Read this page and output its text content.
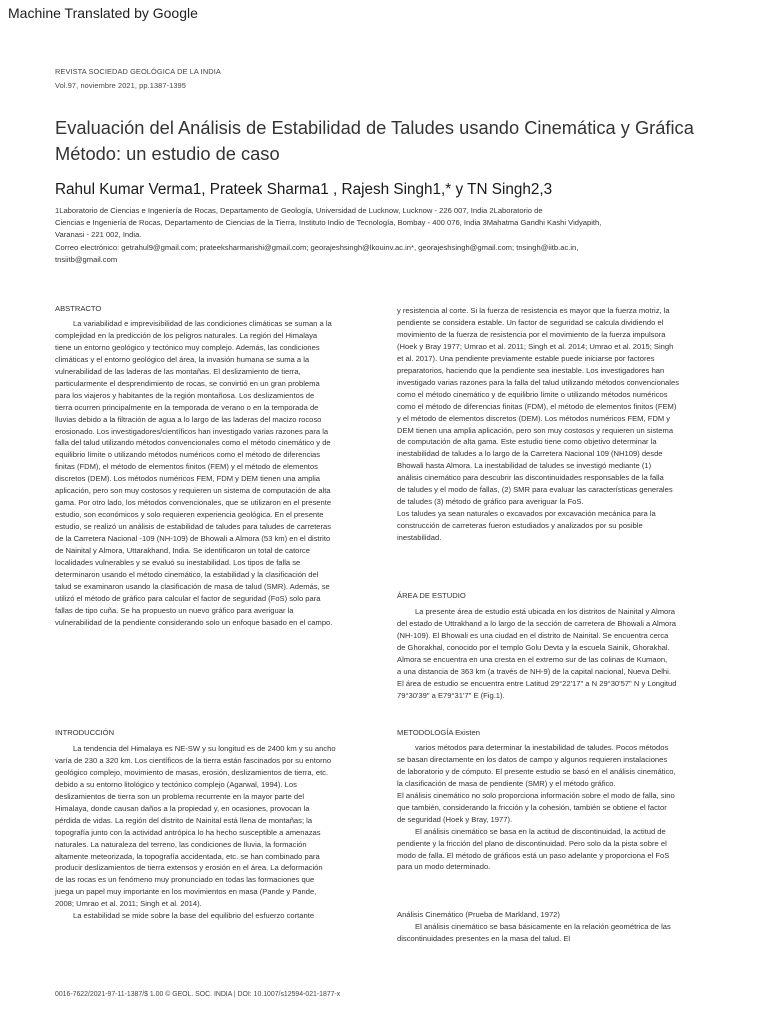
Machine Translated by Google
REVISTA SOCIEDAD GEOLÓGICA DE LA INDIA
Vol.97, noviembre 2021, pp.1387-1395
Evaluación del Análisis de Estabilidad de Taludes usando Cinemática y Gráfica
Método: un estudio de caso
Rahul Kumar Verma1, Prateek Sharma1 , Rajesh Singh1,* y TN Singh2,3
1Laboratorio de Ciencias e Ingeniería de Rocas, Departamento de Geología, Universidad de Lucknow, Lucknow - 226 007, India 2Laboratorio de
Ciencias e Ingeniería de Rocas, Departamento de Ciencias de la Tierra, Instituto Indio de Tecnología, Bombay - 400 076, India 3Mahatma Gandhi Kashi Vidyapith,
Varanasi - 221 002, India.
Correo electrónico: getrahul9@gmail.com; prateeksharmarishi@gmail.com; georajeshsingh@lkouinv.ac.in*, georajeshsingh@gmail.com; tnsingh@iitb.ac.in,
tnsiitb@gmail.com
ABSTRACTO
La variabilidad e imprevisibilidad de las condiciones climáticas se suman a la
complejidad en la predicción de los peligros naturales. La región del Himalaya
tiene un entorno geológico y tectónico muy complejo. Además, las condiciones
climáticas y el entorno geológico del área, la invasión humana se suma a la
vulnerabilidad de las laderas de las montañas. El deslizamiento de tierra,
particularmente el desprendimiento de rocas, se convirtió en un gran problema
para los viajeros y habitantes de la región montañosa. Los deslizamientos de
tierra ocurren principalmente en la temporada de verano o en la temporada de
lluvias debido a la filtración de agua a lo largo de las laderas del macizo rocoso
erosionado. Los investigadores/científicos han investigado varias razones para la
falla del talud utilizando métodos convencionales como el método cinemático y de
equilibrio límite o utilizando métodos numéricos como el método de diferencias
finitas (FDM), el método de elementos finitos (FEM) y el método de elementos
discretos (DEM). Los métodos numéricos FEM, FDM y DEM tienen una amplia
aplicación, pero son muy costosos y requieren un sistema de computación de alta
gama. Por otro lado, los métodos convencionales, que se utilizaron en el presente
estudio, son económicos y solo requieren experiencia geológica. En el presente
estudio, se realizó un análisis de estabilidad de taludes para taludes de carreteras
de la Carretera Nacional -109 (NH-109) de Bhowali a Almora (53 km) en el distrito
de Nainital y Almora, Uttarakhand, India. Se identificaron un total de catorce
localidades vulnerables y se evaluó su inestabilidad. Los tipos de falla se
determinaron usando el método cinemático, la estabilidad y la clasificación del
talud se examinaron usando la clasificación de masa de talud (SMR). Además, se
utilizó el método de gráfico para calcular el factor de seguridad (FoS) solo para
fallas de tipo cuña. Se ha propuesto un nuevo gráfico para averiguar la
vulnerabilidad de la pendiente considerando solo un enfoque basado en el campo.
INTRODUCCIÓN
La tendencia del Himalaya es NE-SW y su longitud es de 2400 km y su ancho
varía de 230 a 320 km. Los científicos de la tierra están fascinados por su entorno
geológico complejo, movimiento de masas, erosión, deslizamientos de tierra, etc.
debido a su entorno litológico y tectónico complejo (Agarwal, 1994). Los
deslizamientos de tierra son un problema recurrente en la mayor parte del
Himalaya, donde causan daños a la propiedad y, en ocasiones, provocan la
pérdida de vidas. La región del distrito de Nainital está llena de montañas; la
topografía junto con la actividad antrópica lo ha hecho susceptible a amenazas
naturales. La naturaleza del terreno, las condiciones de lluvia, la formación
altamente meteorizada, la topografía accidentada, etc. se han combinado para
producir deslizamientos de tierra extensos y erosión en el área. La deformación
de las rocas es un fenómeno muy pronunciado en todas las formaciones que
juega un papel muy importante en los movimientos en masa (Pande y Pande,
2008; Umrao et al. 2011; Singh et al. 2014).
La estabilidad se mide sobre la base del equilibrio del esfuerzo cortante
y resistencia al corte. Si la fuerza de resistencia es mayor que la fuerza motriz, la
pendiente se considera estable. Un factor de seguridad se calcula dividiendo el
movimiento de la fuerza de resistencia por el movimiento de la fuerza impulsora
(Hoek y Bray 1977; Umrao et al. 2011; Singh et al. 2014; Umrao et al. 2015; Singh
et al. 2017). Una pendiente previamente estable puede iniciarse por factores
preparatorios, haciendo que la pendiente sea inestable. Los investigadores han
investigado varias razones para la falla del talud utilizando métodos convencionales
como el método cinemático y de equilibrio límite o utilizando métodos numéricos
como el método de diferencias finitas (FDM), el método de elementos finitos (FEM)
y el método de elementos discretos (DEM). Los métodos numéricos FEM, FDM y
DEM tienen una amplia aplicación, pero son muy costosos y requieren un sistema
de computación de alta gama. Este estudio tiene como objetivo determinar la
inestabilidad de taludes a lo largo de la Carretera Nacional 109 (NH109) desde
Bhowali hasta Almora. La inestabilidad de taludes se investigó mediante (1)
análisis cinemático para descubrir las discontinuidades responsables de la falla
de taludes y el modo de fallas, (2) SMR para evaluar las características generales
de taludes (3) método de gráfico para averiguar la FoS.
Los taludes ya sean naturales o excavados por excavación mecánica para la
construcción de carreteras fueron estudiados y analizados por su posible
inestabilidad.
ÁREA DE ESTUDIO
La presente área de estudio está ubicada en los distritos de Nainital y Almora
del estado de Uttrakhand a lo largo de la sección de carretera de Bhowali a Almora
(NH-109). El Bhowali es una ciudad en el distrito de Nainital. Se encuentra cerca
de Ghorakhal, conocido por el templo Golu Devta y la escuela Sainik, Ghorakhal.
Almora se encuentra en una cresta en el extremo sur de las colinas de Kumaon,
a una distancia de 363 km (a través de NH-9) de la capital nacional, Nueva Delhi.
El área de estudio se encuentra entre Latitud 29°22'17" a N 29°30'57" N y Longitud
79°30'39" a E79°31'7" E (Fig.1).
METODOLOGÍA Existen
varios métodos para determinar la inestabilidad de taludes. Pocos métodos
se basan directamente en los datos de campo y algunos requieren instalaciones
de laboratorio y de cómputo. El presente estudio se basó en el análisis cinemático,
la clasificación de masa de pendiente (SMR) y el método gráfico.
El análisis cinemático no solo proporciona información sobre el modo de falla, sino
que también, considerando la fricción y la cohesión, también se obtiene el factor
de seguridad (Hoek y Bray, 1977).
El análisis cinemático se basa en la actitud de discontinuidad, la actitud de
pendiente y la fricción del plano de discontinuidad. Pero solo da la pista sobre el
modo de falla. El método de gráficos está un paso adelante y proporciona el FoS
para un modo determinado.
Análisis Cinemático (Prueba de Markland, 1972)
El análisis cinemático se basa básicamente en la relación geométrica de las
discontinuidades presentes en la masa del talud. El
0016-7622/2021-97-11-1387/$ 1.00 © GEOL. SOC. INDIA | DOI: 10.1007/s12594-021-1877-x
